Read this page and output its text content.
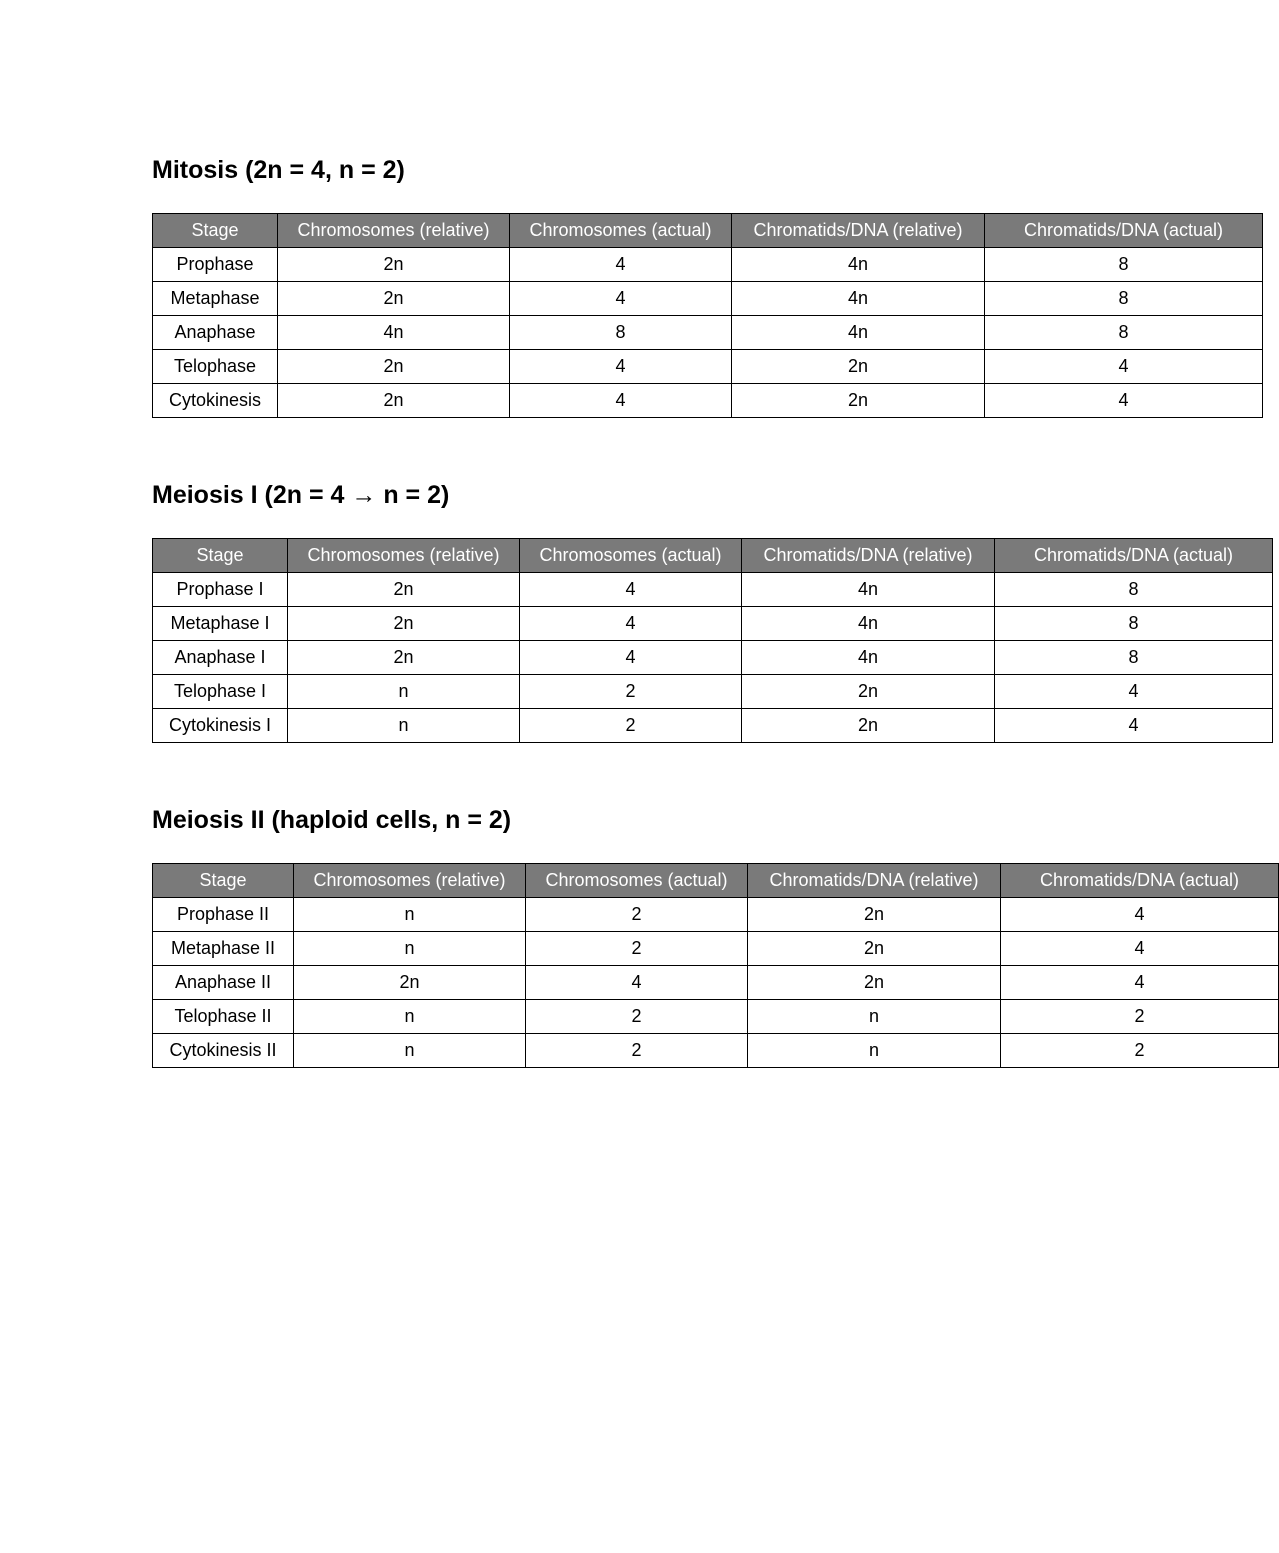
Mitosis (2n = 4, n = 2)
Stage	Chromosomes (relative)	Chromosomes (actual)	Chromatids/DNA (relative)	Chromatids/DNA (actual)
Prophase	2n	4	4n	8
Metaphase	2n	4	4n	8
Anaphase	4n	8	4n	8
Telophase	2n	4	2n	4
Cytokinesis	2n	4	2n	4
Meiosis I (2n = 4 → n = 2)
Stage	Chromosomes (relative)	Chromosomes (actual)	Chromatids/DNA (relative)	Chromatids/DNA (actual)
Prophase I	2n	4	4n	8
Metaphase I	2n	4	4n	8
Anaphase I	2n	4	4n	8
Telophase I	n	2	2n	4
Cytokinesis I	n	2	2n	4
Meiosis II (haploid cells, n = 2)
Stage	Chromosomes (relative)	Chromosomes (actual)	Chromatids/DNA (relative)	Chromatids/DNA (actual)
Prophase II	n	2	2n	4
Metaphase II	n	2	2n	4
Anaphase II	2n	4	2n	4
Telophase II	n	2	n	2
Cytokinesis II	n	2	n	2
